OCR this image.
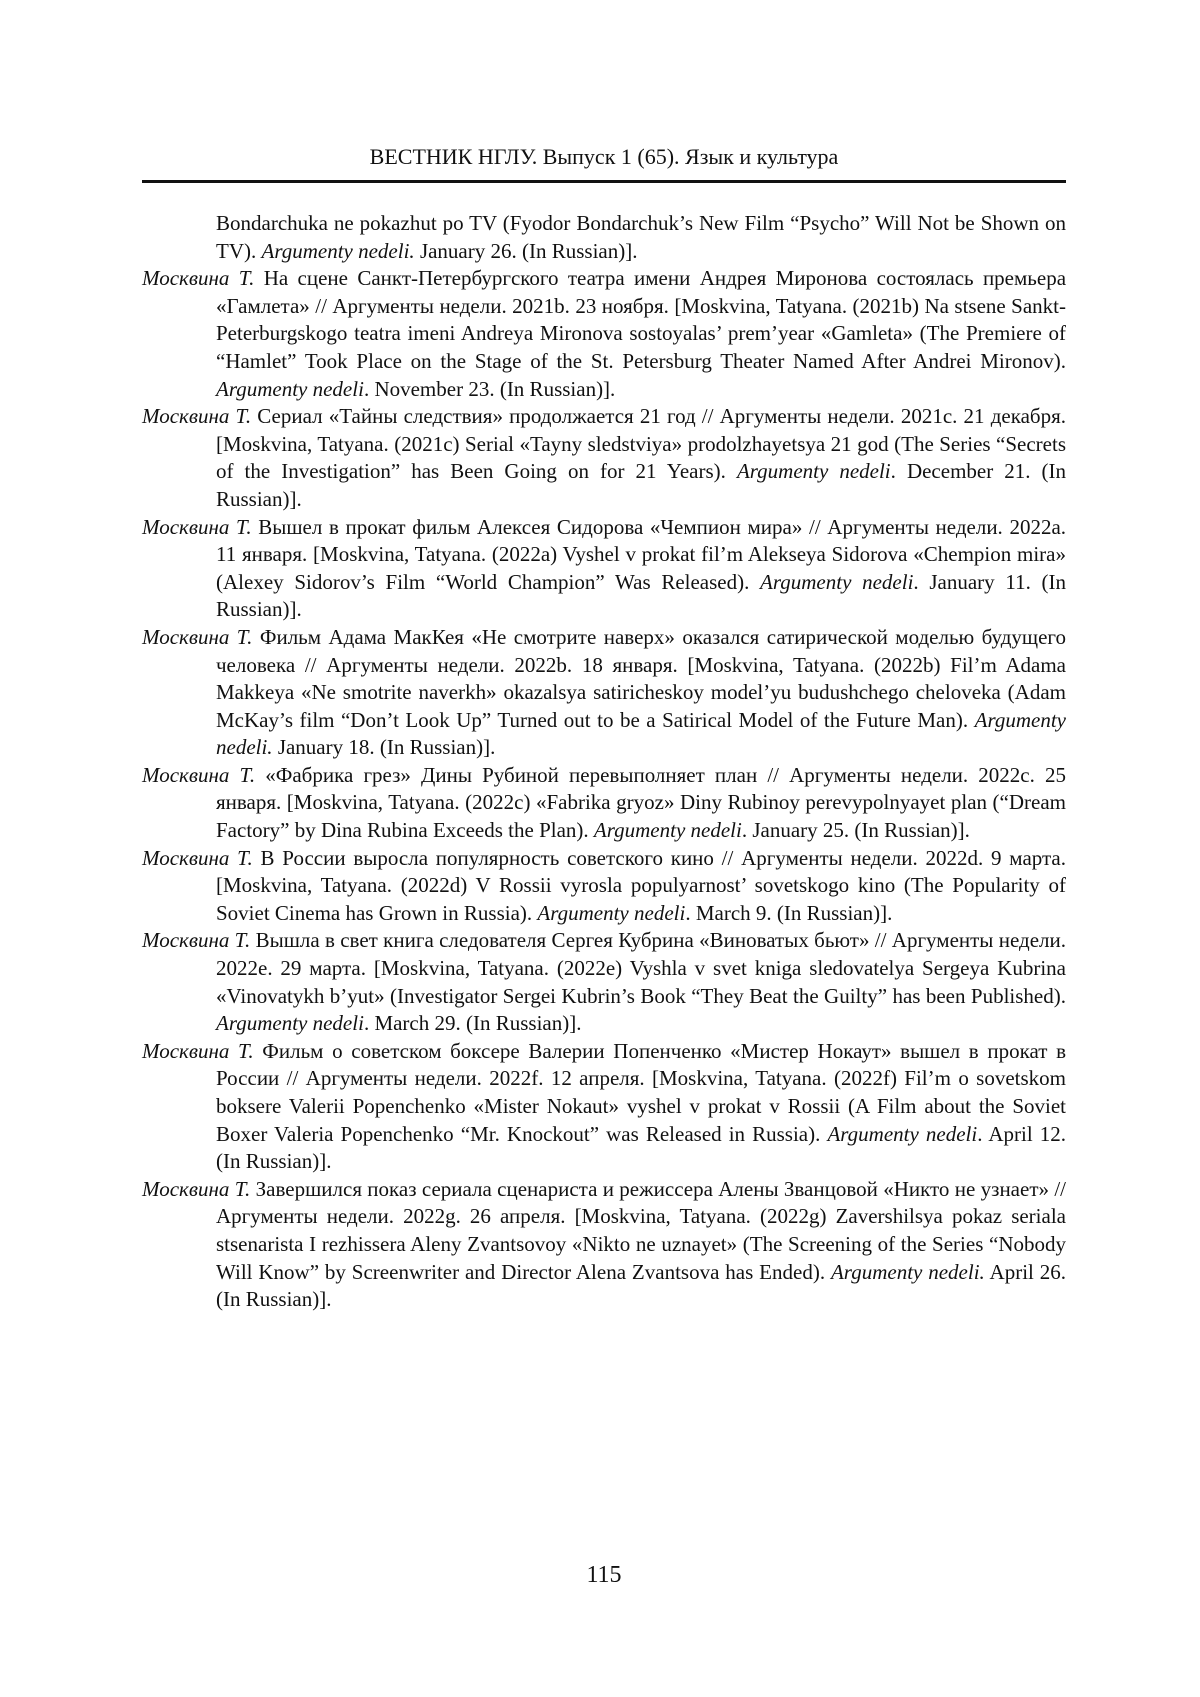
ВЕСТНИК НГЛУ. Выпуск 1 (65). Язык и культура
Bondarchuka ne pokazhut po TV (Fyodor Bondarchuk’s New Film “Psycho” Will Not be Shown on TV). Argumenty nedeli. January 26. (In Russian)].
Москвина Т. На сцене Санкт-Петербургского театра имени Андрея Миронова состоя­лась премьера «Гамлета» // Аргументы недели. 2021b. 23 ноября. [Moskvina, Tatyana. (2021b) Na stsene Sankt-Peterburgskogo teatra imeni Andreya Mironova sostoyalas’ prem’year «Gamleta» (The Premiere of “Hamlet” Took Place on the Stage of the St. Petersburg Theater Named After Andrei Mironov). Argumenty nedeli. No­vember 23. (In Russian)].
Москвина Т. Сериал «Тайны следствия» продолжается 21 год // Аргументы недели. 2021c. 21 декабря. [Moskvina, Tatyana. (2021c) Serial «Tayny sledstviya» prodolzhayetsya 21 god (The Series “Secrets of the Investigation” has Been Going on for 21 Years). Argumenty nedeli. December 21. (In Russian)].
Москвина Т. Вышел в прокат фильм Алексея Сидорова «Чемпион мира» // Аргументы недели. 2022a. 11 января. [Moskvina, Tatyana. (2022a) Vyshel v prokat fil’m Ale­kseya Sidorova «Chempion mira» (Alexey Sidorov’s Film “World Champion” Was Released). Argumenty nedeli. January 11. (In Russian)].
Москвина Т. Фильм Адама МакКея «Не смотрите наверх» оказался сатирической моде­лью будущего человека // Аргументы недели. 2022b. 18 января. [Moskvina, Tatyana. (2022b) Fil’m Adama Makkeya «Ne smotrite naverkh» okazalsya sa­tiricheskoy model’yu budushchego cheloveka (Adam McKay’s film “Don’t Look Up” Turned out to be a Satirical Model of the Future Man). Argumenty nedeli. January 18. (In Russian)].
Москвина Т. «Фабрика грез» Дины Рубиной перевыполняет план // Аргументы недели. 2022c. 25 января. [Moskvina, Tatyana. (2022c) «Fabrika gryoz» Diny Rubinoy perevypolnyayet plan (“Dream Factory” by Dina Rubina Exceeds the Plan). Argumen­ty nedeli. January 25. (In Russian)].
Москвина Т. В России выросла популярность советского кино // Аргументы недели. 2022d. 9 марта. [Moskvina, Tatyana. (2022d) V Rossii vyrosla populyarnost’ so­vetskogo kino (The Popularity of Soviet Cinema has Grown in Russia). Argumenty nedeli. March 9. (In Russian)].
Москвина Т. Вышла в свет книга следователя Сергея Кубрина «Виноватых бьют» // Ар­гументы недели. 2022e. 29 марта. [Moskvina, Tatyana. (2022e) Vyshla v svet kniga sledovatelya Sergeya Kubrina «Vinovatykh b’yut» (Investigator Sergei Kubrin’s Book “They Beat the Guilty” has been Published). Argumenty nedeli. March 29. (In Russian)].
Москвина Т. Фильм о советском боксере Валерии Попенченко «Мистер Нокаут» вышел в прокат в России // Аргументы недели. 2022f. 12 апреля. [Moskvina, Tatyana. (2022f) Fil’m o sovetskom boksere Valerii Popenchenko «Mister Nokaut» vyshel v prokat v Rossii (A Film about the Soviet Boxer Valeria Popenchenko “Mr. Knockout” was Released in Russia). Argumenty nedeli. April 12. (In Russian)].
Москвина Т. Завершился показ сериала сценариста и режиссера Алены Званцовой «Ни­кто не узнает» // Аргументы недели. 2022g. 26 апреля. [Moskvina, Tatyana. (2022g) Zavershilsya pokaz seriala stsenarista I rezhissera Aleny Zvantsovoy «Nikto ne uznayet» (The Screening of the Series “Nobody Will Know” by Screenwriter and Director Alena Zvantsova has Ended). Argumenty nedeli. April 26. (In Russian)].
115
